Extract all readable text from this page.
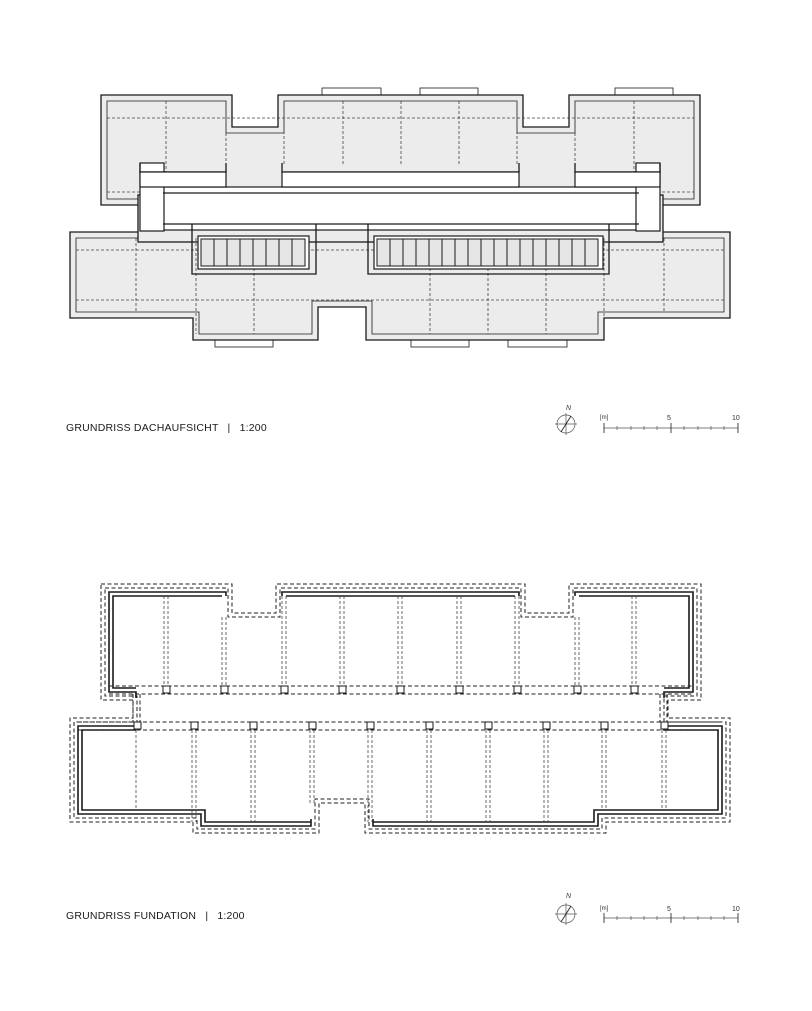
GRUNDRISS DACHAUFSICHT | 1:200
N
[m]	5	10
GRUNDRISS FUNDATION | 1:200
N
[m]	5	10
